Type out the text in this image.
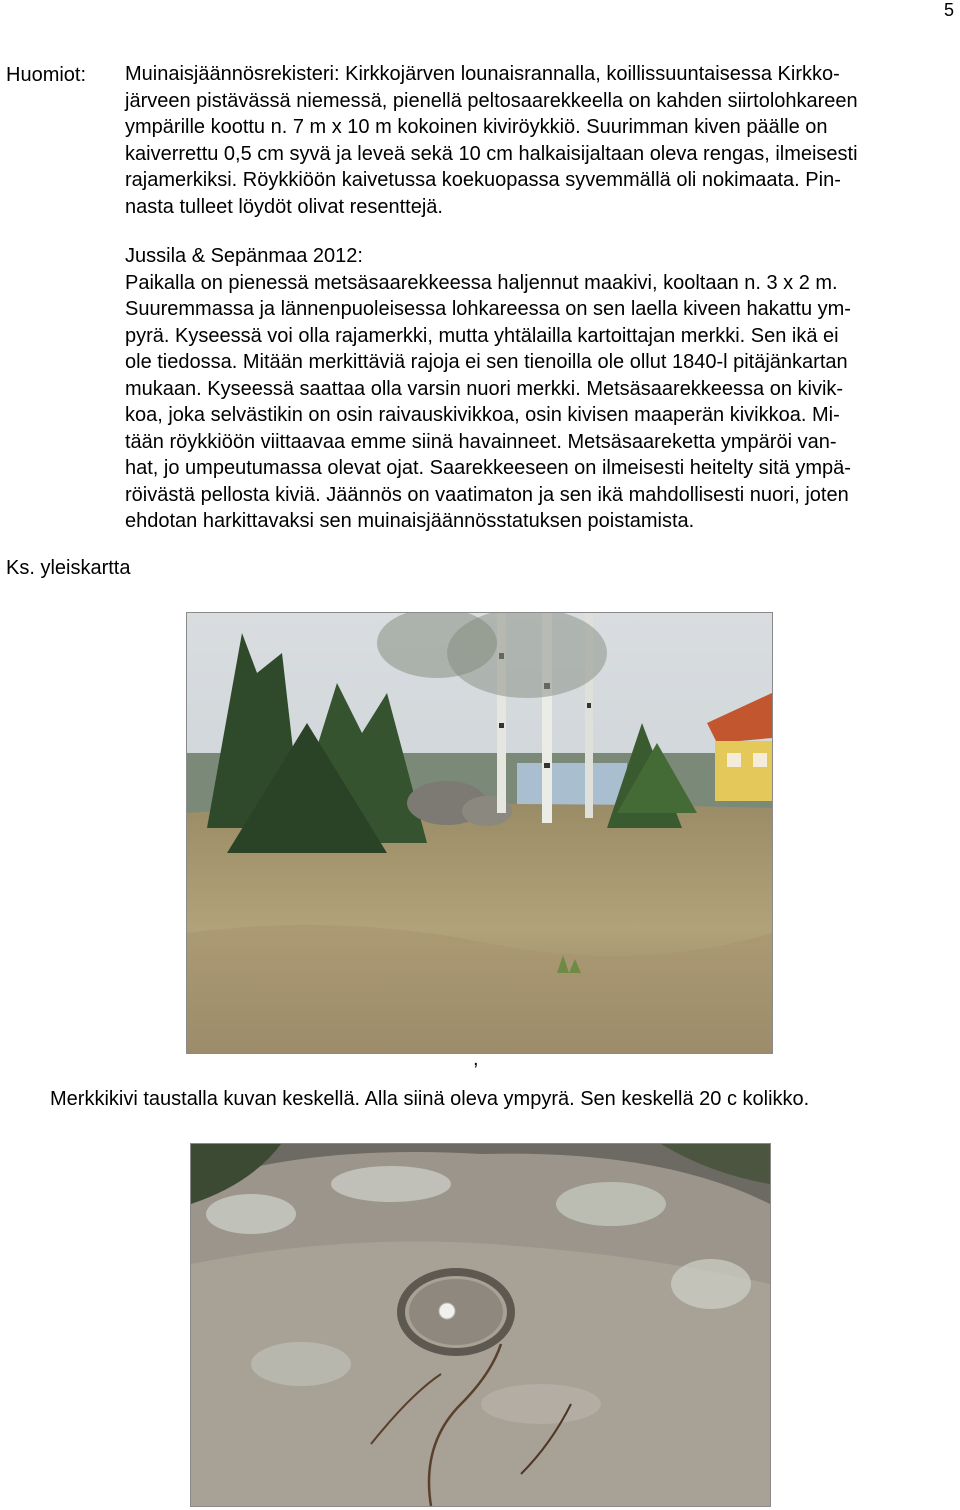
5
Huomiot: Muinaisjäännösrekisteri: Kirkkojärven lounaisrannalla, koillissuuntaisessa Kirkko-

järveen pistävässä niemessä, pienellä peltosaarekkeella on kahden siirtolohkareen

ympärille koottu n. 7 m x 10 m kokoinen kiviröykkiö. Suurimman kiven päälle on

kaiverrettu 0,5 cm syvä ja leveä sekä 10 cm halkaisijaltaan oleva rengas, ilmeisesti

rajamerkiksi. Röykkiöön kaivetussa koekuopassa syvemmällä oli nokimaata. Pin-

nasta tulleet löydöt olivat resenttejä.

Jussila & Sepänmaa 2012:

Paikalla on pienessä metsäsaarekkeessa haljennut maakivi, kooltaan n. 3 x 2 m.

Suuremmassa ja lännenpuoleisessa lohkareessa on sen laella kiveen hakattu ym-

pyrä. Kyseessä voi olla rajamerkki, mutta yhtälailla kartoittajan merkki. Sen ikä ei

ole tiedossa. Mitään merkittäviä rajoja ei sen tienoilla ole ollut 1840-l pitäjänkartan

mukaan. Kyseessä saattaa olla varsin nuori merkki. Metsäsaarekkeessa on kivik-

koa, joka selvästikin on osin raivauskivikkoa, osin kivisen maaperän kivikkoa. Mi-

tään röykkiöön viittaavaa emme siinä havainneet. Metsäsaareketta ympäröi van-

hat, jo umpeutumassa olevat ojat. Saarekkeeseen on ilmeisesti heitelty sitä ympä-

röivästä pellosta kiviä. Jäännös on vaatimaton ja sen ikä mahdollisesti nuori, joten

ehdotan harkittavaksi sen muinaisjäännösstatuksen poistamista.

Ks. yleiskartta
,
Merkkikivi taustalla kuvan keskellä. Alla siinä oleva ympyrä. Sen keskellä 20 c kolikko.
